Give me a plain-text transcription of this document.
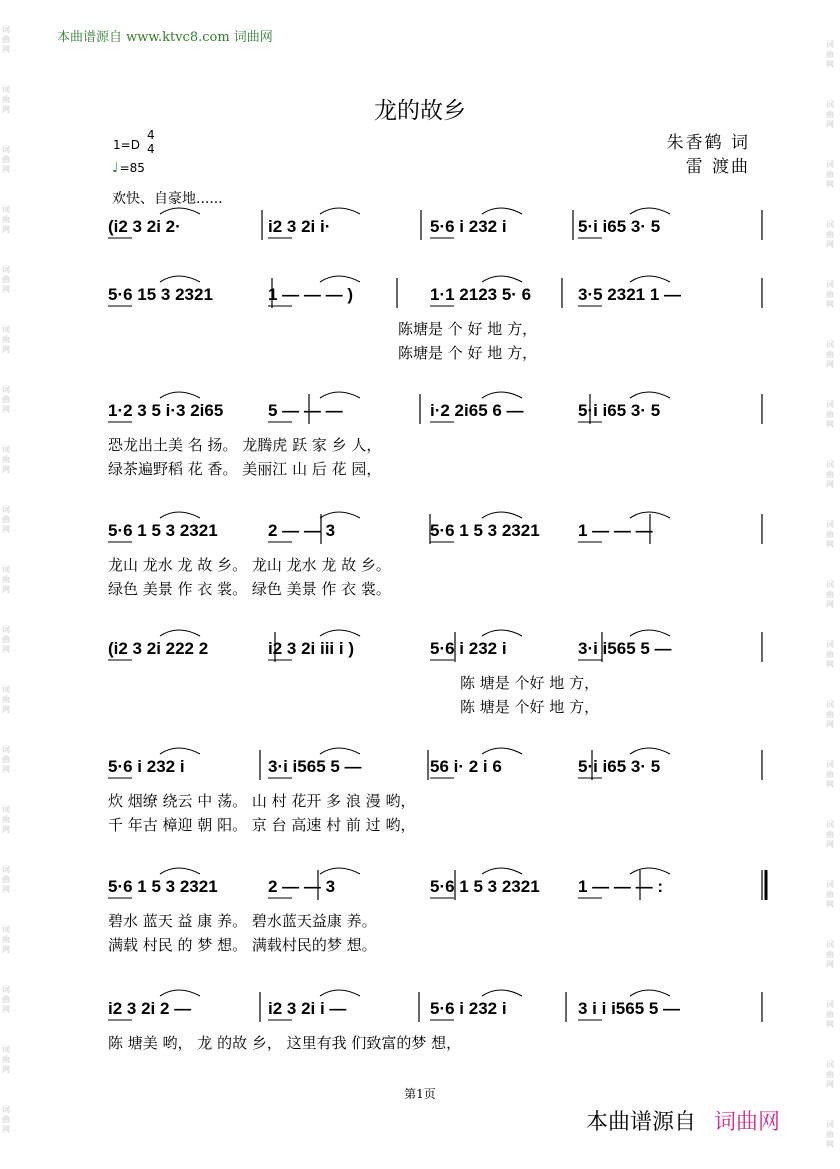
词
曲
网
词
曲
网
词
曲
网
词
曲
网
词
曲
网
词
曲
网
词
曲
网
词
曲
网
词
曲
网
词
曲
网
词
曲
网
词
曲
网
词
曲
网
词
曲
网
词
曲
网
词
曲
网
词
曲
网
词
曲
网
词
曲
网
词
曲
网
词
曲
网
词
曲
网
词
曲
网
词
曲
网
词
曲
网
词
曲
网
词
曲
网
词
曲
网
词
曲
网
词
曲
网
词
曲
网
词
曲
网
词
曲
网
词
曲
网
词
曲
网
词
曲
网
词
曲
网
词
曲
网
本曲谱源自 www.ktvc8.com 词曲网
龙的故乡
朱香鹤 词
雷 渡曲
1=D
4
4
♩=85
欢快、自豪地......
(i2 3 2i 2·	i2 3 2i i·	5·6 i 232 i	5·i i65 3· 5
5·6 15 3 2321	1 — — — )	1·1 2123 5· 6	3·5 2321 1 —
陈塘是 个 好 地 方，
陈塘是 个 好 地 方，
1·2 3 5 i·3 2i65	5 — — —	i·2 2i65 6 —	5·i i65 3· 5
恐龙出土美 名 扬。 龙腾虎 跃 家 乡 人，
绿茶遍野稻 花 香。 美丽江 山 后 花 园，
5·6 1 5 3 2321	2 — — 3	5·6 1 5 3 2321 1 — — —
龙山 龙水 龙 故 乡。 龙山 龙水 龙 故 乡。
绿色 美景 作 衣 裳。 绿色 美景 作 衣 裳。
(i2 3 2i 222 2	i2 3 2i iii i )	5·6 i 232 i	3·i i565 5 —
陈 塘是 个好 地 方，
陈 塘是 个好 地 方，
5·6 i 232 i	3·i i565 5 —	56 i· 2 i 6	5·i i65 3· 5
炊 烟缭 绕云 中 荡。 山 村 花开 多 浪 漫 哟，
千 年古 樟迎 朝 阳。 京 台 高速 村 前 过 哟，
5·6 1 5 3 2321	2 — — 3	5·6 1 5 3 2321 1 — — — :
碧水 蓝天 益 康 养。 碧水蓝天益康 养。
满载 村民 的 梦 想。 满载村民的梦 想。
i2 3 2i 2 —	i2 3 2i i —	5·6 i 232 i	3 i i i565 5 —
陈 塘美 哟， 龙 的故 乡， 这里有我 们致富的梦 想，
第1页
本曲谱源自 词曲网
